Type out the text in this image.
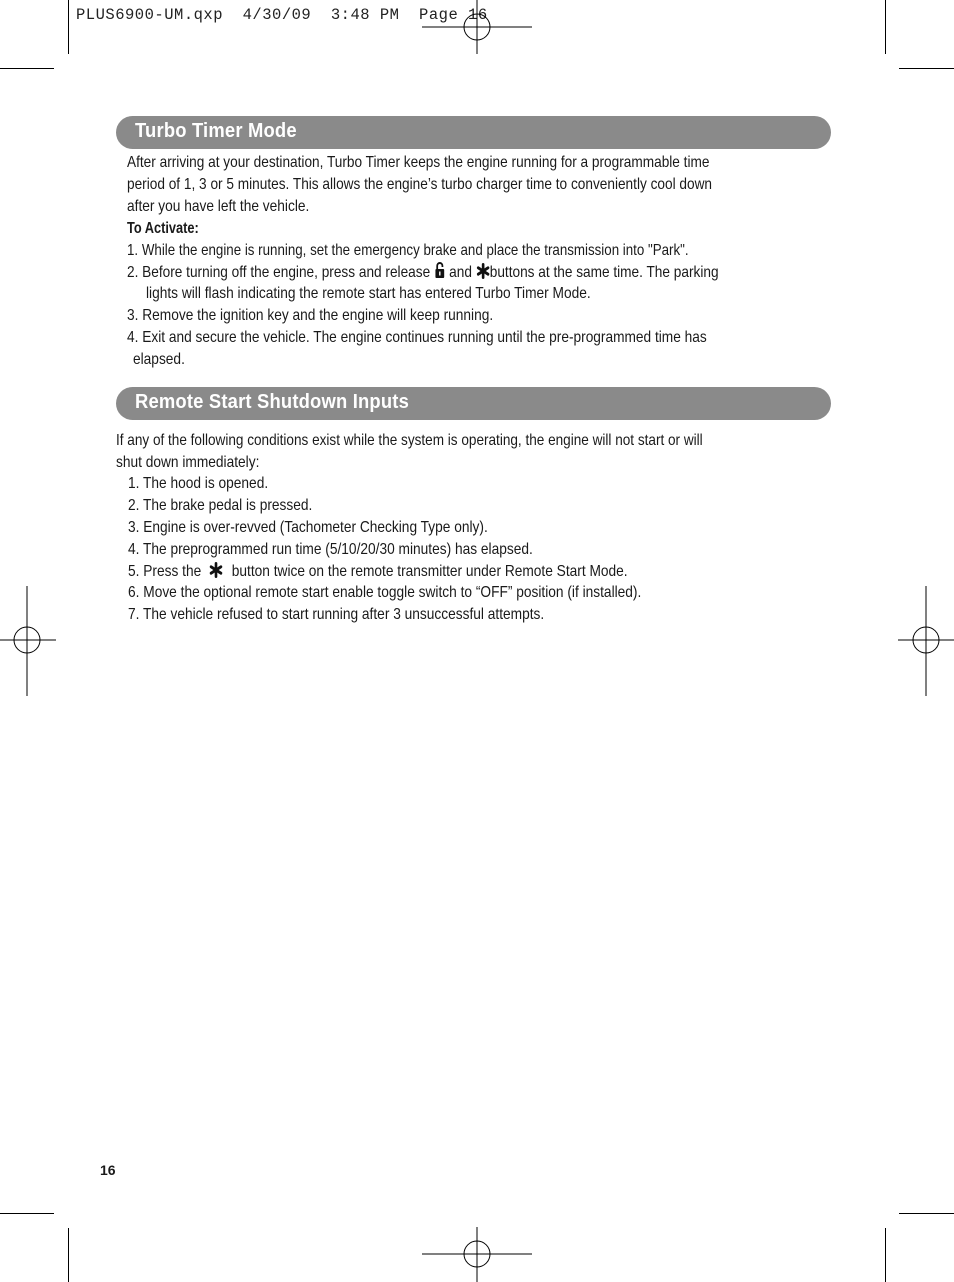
PLUS6900-UM.qxp  4/30/09  3:48 PM  Page 16
Turbo Timer Mode
After arriving at your destination, Turbo Timer keeps the engine running for a programmable time
period of 1, 3 or 5 minutes. This allows the engine’s turbo charger time to conveniently cool down
after you have left the vehicle.
To Activate:
1. While the engine is running, set the emergency brake and place the transmission into "Park".
2. Before turning off the engine, press and release and buttons at the same time. The parking
lights will flash indicating the remote start has entered Turbo Timer Mode.
3. Remove the ignition key and the engine will keep running.
4. Exit and secure the vehicle. The engine continues running until the pre-programmed time has
elapsed.
Remote Start Shutdown Inputs
If any of the following conditions exist while the system is operating, the engine will not start or will
shut down immediately:
1. The hood is opened.
2. The brake pedal is pressed.
3. Engine is over-revved (Tachometer Checking Type only).
4. The preprogrammed run time (5/10/20/30 minutes) has elapsed.
5. Press the button twice on the remote transmitter under Remote Start Mode.
6. Move the optional remote start enable toggle switch to “OFF” position (if installed).
7. The vehicle refused to start running after 3 unsuccessful attempts.
16
